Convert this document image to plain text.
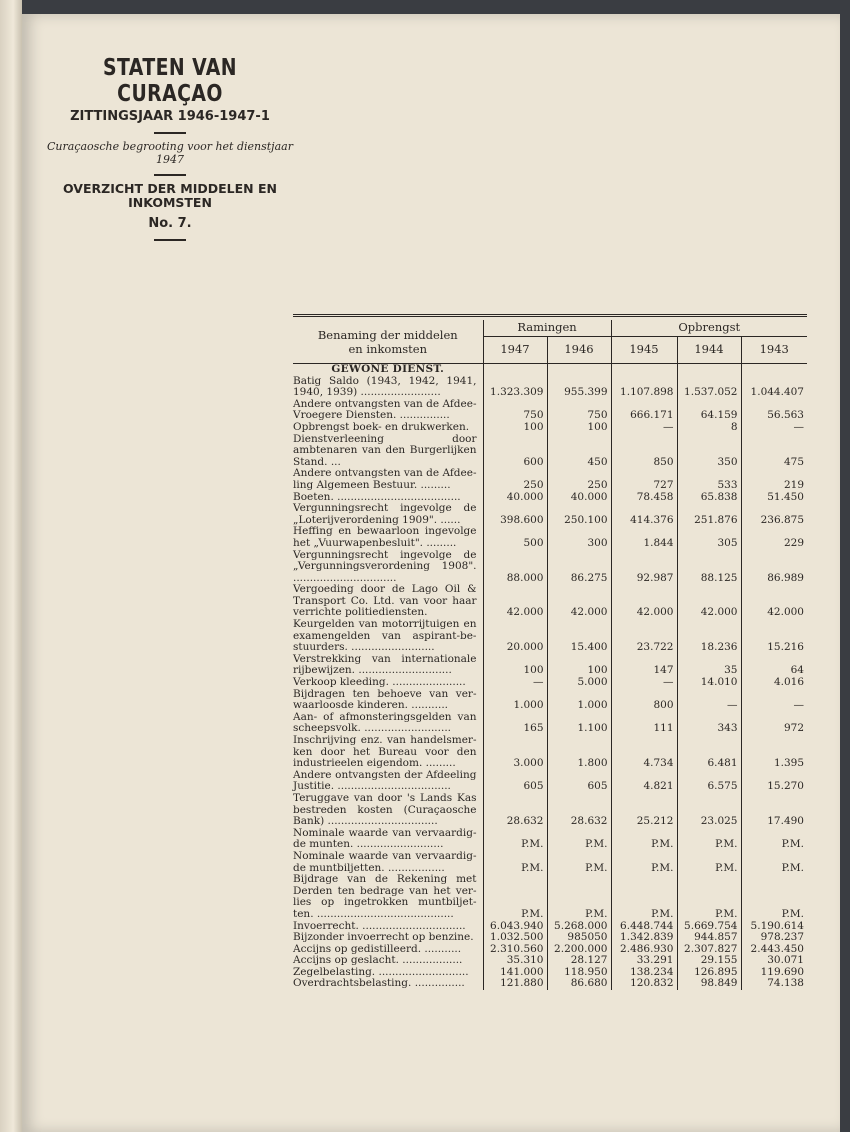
STATEN VAN CURAÇAO
ZITTINGSJAAR 1946-1947-1
Curaçaosche begrooting voor het dienstjaar
1947
OVERZICHT DER MIDDELEN EN
INKOMSTEN
No. 7.

Benaming der middelen
en inkomsten	Ramingen		Opbrengst		
	1947	1946	1945	1944	1943
GEWONE DIENST.					
Batig Saldo (1943, 1942, 1941, 1940, 1939) ........................	1.323.309	955.399	1.107.898	1.537.052	1.044.407
Andere ontvangsten van de Afdee- Vroegere Diensten. ...............	750	750	666.171	64.159	56.563
Opbrengst boek- en drukwerken.	100	100	—	8	—
Dienstverleening door ambtenaren van den Burgerlijken Stand. ...	600	450	850	350	475
Andere ontvangsten van de Afdee- ling Algemeen Bestuur. .........	250	250	727	533	219
Boeten. .....................................	40.000	40.000	78.458	65.838	51.450
Vergunningsrecht ingevolge de „Loterijverordening 1909". ......	398.600	250.100	414.376	251.876	236.875
Heffing en bewaarloon ingevolge het „Vuurwapenbesluit". .........	500	300	1.844	305	229
Vergunningsrecht ingevolge de „Vergunningsverordening 1908". ...............................	88.000	86.275	92.987	88.125	86.989
Vergoeding door de Lago Oil & Transport Co. Ltd. van voor haar verrichte politiediensten.	42.000	42.000	42.000	42.000	42.000
Keurgelden van motorrijtuigen en examengelden van aspirant-be- stuurders. .........................	20.000	15.400	23.722	18.236	15.216
Verstrekking van internationale rijbewijzen. ............................	100	100	147	35	64
Verkoop kleeding. ......................	—	5.000	—	14.010	4.016
Bijdragen ten behoeve van ver- waarloosde kinderen. ...........	1.000	1.000	800	—	—
Aan- of afmonsteringsgelden van scheepsvolk. ..........................	165	1.100	111	343	972
Inschrijving enz. van handelsmer- ken door het Bureau voor den industrieelen eigendom. .........	3.000	1.800	4.734	6.481	1.395
Andere ontvangsten der Afdeeling Justitie. ..................................	605	605	4.821	6.575	15.270
Teruggave van door 's Lands Kas bestreden kosten (Curaçaosche Bank) .................................	28.632	28.632	25.212	23.025	17.490
Nominale waarde van vervaardig- de munten. ..........................	P.M.	P.M.	P.M.	P.M.	P.M.
Nominale waarde van vervaardig- de muntbiljetten. .................	P.M.	P.M.	P.M.	P.M.	P.M.
Bijdrage van de Rekening met Derden ten bedrage van het ver- lies op ingetrokken muntbiljet- ten. .........................................	P.M.	P.M.	P.M.	P.M.	P.M.
Invoerrecht. ...............................	6.043.940	5.268.000	6.448.744	5.669.754	5.190.614
Bijzonder invoerrecht op benzine.	1.032.500	985050	1.342.839	944.857	978.237
Accijns op gedistilleerd. ...........	2.310.560	2.200.000	2.486.930	2.307.827	2.443.450
Accijns op geslacht. ..................	35.310	28.127	33.291	29.155	30.071
Zegelbelasting. ...........................	141.000	118.950	138.234	126.895	119.690
Overdrachtsbelasting. ...............	121.880	86.680	120.832	98.849	74.138
